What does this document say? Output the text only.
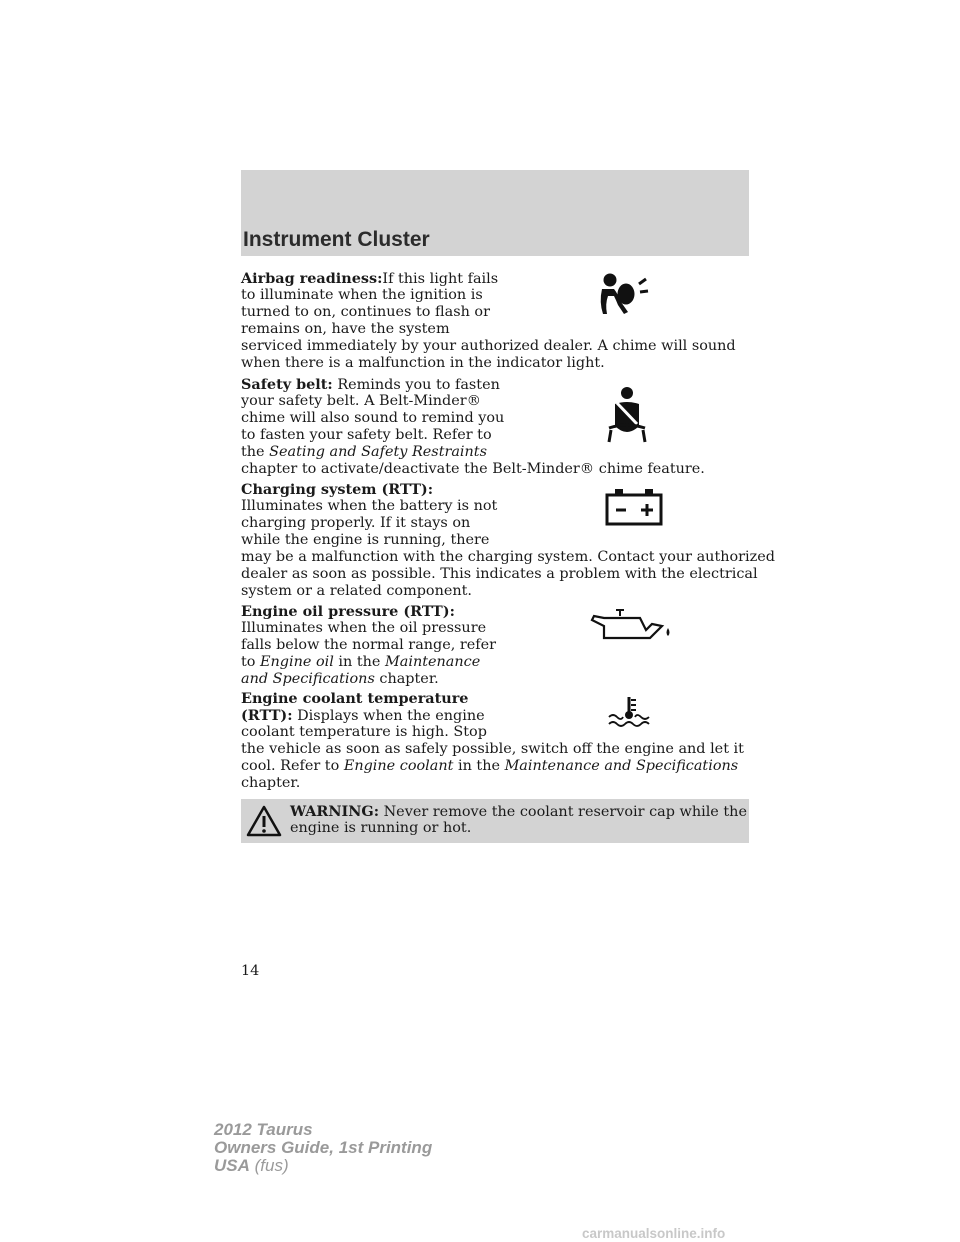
Instrument Cluster
Airbag readiness:If this light fails
to illuminate when the ignition is
turned to on, continues to flash or
remains on, have the system
serviced immediately by your authorized dealer. A chime will sound
when there is a malfunction in the indicator light.
Safety belt: Reminds you to fasten
your safety belt. A Belt-Minder®
chime will also sound to remind you
to fasten your safety belt. Refer to
the Seating and Safety Restraints
chapter to activate/deactivate the Belt-Minder® chime feature.
Charging system (RTT):
Illuminates when the battery is not
charging properly. If it stays on
while the engine is running, there
may be a malfunction with the charging system. Contact your authorized
dealer as soon as possible. This indicates a problem with the electrical
system or a related component.
Engine oil pressure (RTT):
Illuminates when the oil pressure
falls below the normal range, refer
to Engine oil in the Maintenance
and Specifications chapter.
Engine coolant temperature
(RTT): Displays when the engine
coolant temperature is high. Stop
the vehicle as soon as safely possible, switch off the engine and let it
cool. Refer to Engine coolant in the Maintenance and Specifications
chapter.
WARNING: Never remove the coolant reservoir cap while the
engine is running or hot.
14
2012 Taurus
Owners Guide, 1st Printing
USA (fus)
carmanualsonline.info
